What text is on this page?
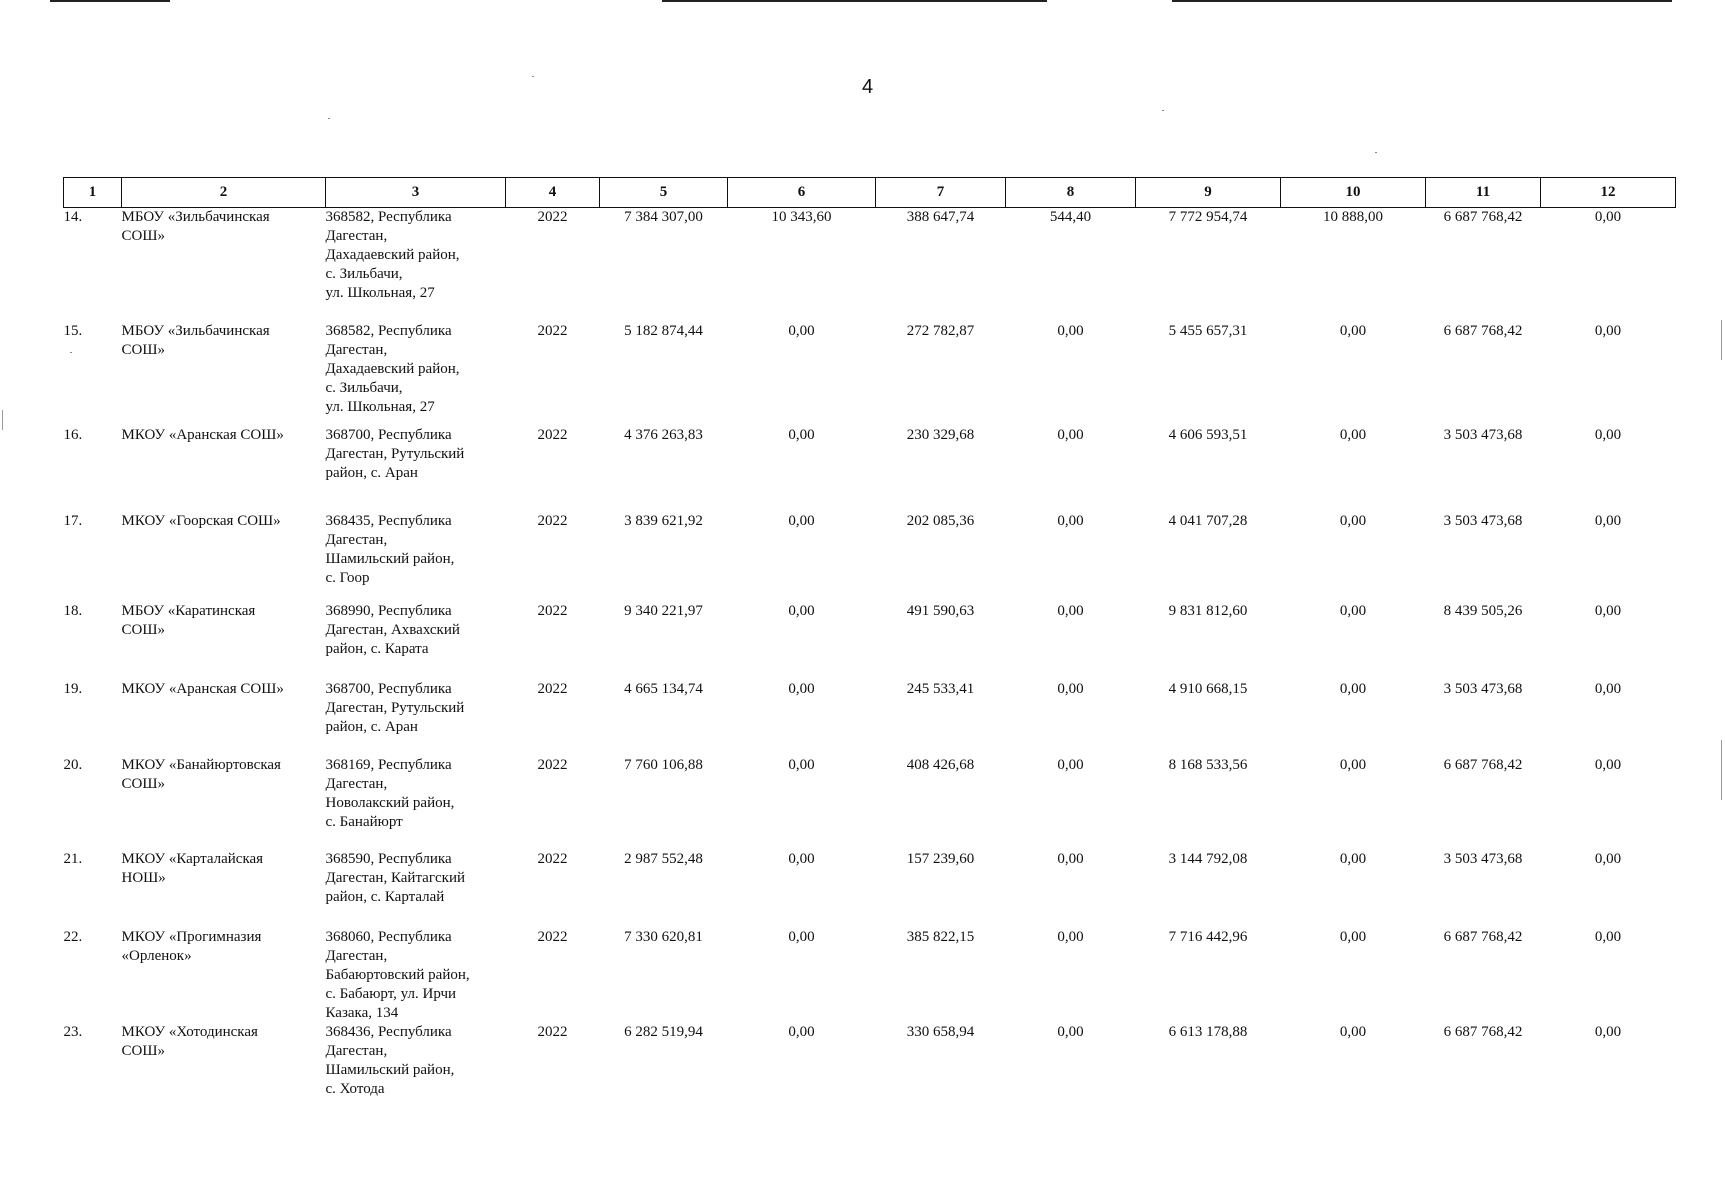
4
1	2	3	4	5	6	7	8	9	10	11	12
14.	МБОУ «Зильбачинская
СОШ»	368582, Республика
Дагестан,
Дахадаевский район,
с. Зильбачи,
ул. Школьная, 27	2022	7 384 307,00	10 343,60	388 647,74	544,40	7 772 954,74	10 888,00	6 687 768,42	0,00
15.	МБОУ «Зильбачинская
СОШ»	368582, Республика
Дагестан,
Дахадаевский район,
с. Зильбачи,
ул. Школьная, 27	2022	5 182 874,44	0,00	272 782,87	0,00	5 455 657,31	0,00	6 687 768,42	0,00
16.	МКОУ «Аранская СОШ»	368700, Республика
Дагестан, Рутульский
район, с. Аран	2022	4 376 263,83	0,00	230 329,68	0,00	4 606 593,51	0,00	3 503 473,68	0,00
17.	МКОУ «Гоорская СОШ»	368435, Республика
Дагестан,
Шамильский район,
с. Гоор	2022	3 839 621,92	0,00	202 085,36	0,00	4 041 707,28	0,00	3 503 473,68	0,00
18.	МБОУ «Каратинская
СОШ»	368990, Республика
Дагестан, Ахвахский
район, с. Карата	2022	9 340 221,97	0,00	491 590,63	0,00	9 831 812,60	0,00	8 439 505,26	0,00
19.	МКОУ «Аранская СОШ»	368700, Республика
Дагестан, Рутульский
район, с. Аран	2022	4 665 134,74	0,00	245 533,41	0,00	4 910 668,15	0,00	3 503 473,68	0,00
20.	МКОУ «Банайюртовская
СОШ»	368169, Республика
Дагестан,
Новолакский район,
с. Банайюрт	2022	7 760 106,88	0,00	408 426,68	0,00	8 168 533,56	0,00	6 687 768,42	0,00
21.	МКОУ «Карталайская
НОШ»	368590, Республика
Дагестан, Кайтагский
район, с. Карталай	2022	2 987 552,48	0,00	157 239,60	0,00	3 144 792,08	0,00	3 503 473,68	0,00
22.	МКОУ «Прогимназия
«Орленок»	368060, Республика
Дагестан,
Бабаюртовский район,
с. Бабаюрт, ул. Ирчи
Казака, 134	2022	7 330 620,81	0,00	385 822,15	0,00	7 716 442,96	0,00	6 687 768,42	0,00
23.	МКОУ «Хотодинская
СОШ»	368436, Республика
Дагестан,
Шамильский район,
с. Хотода	2022	6 282 519,94	0,00	330 658,94	0,00	6 613 178,88	0,00	6 687 768,42	0,00
